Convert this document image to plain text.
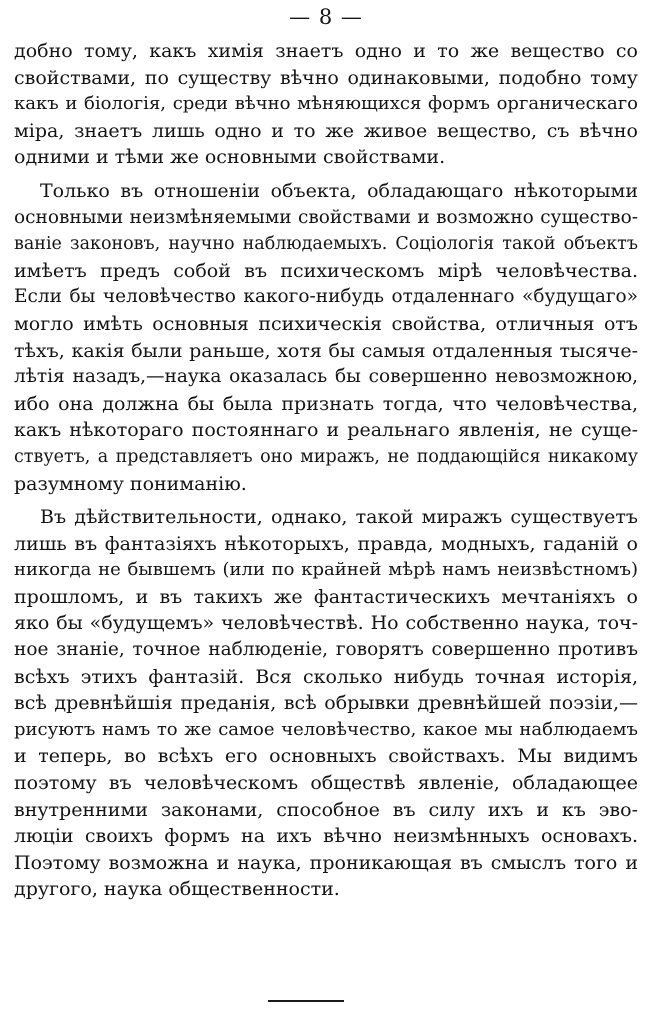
— 8 —
добно тому, какъ химія знаетъ одно и то же вещество со
свойствами, по существу вѣчно одинаковыми, подобно тому
какъ и біологія, среди вѣчно мѣняющихся формъ органическаго
міра, знаетъ лишь одно и то же живое вещество, съ вѣчно
одними и тѣми же основными свойствами.
Только въ отношеніи объекта, обладающаго нѣкоторыми
основными неизмѣняемыми свойствами и возможно существо-
ваніе законовъ, научно наблюдаемыхъ. Соціологія такой объектъ
имѣетъ предъ собой въ психическомъ мірѣ человѣчества.
Если бы человѣчество какого-нибудь отдаленнаго «будущаго»
могло имѣть основныя психическія свойства, отличныя отъ
тѣхъ, какія были раньше, хотя бы самыя отдаленныя тысяче-
лѣтія назадъ,—наука оказалась бы совершенно невозможною,
ибо она должна бы была признать тогда, что человѣчества,
какъ нѣкотораго постояннаго и реальнаго явленія, не суще-
ствуетъ, а представляетъ оно миражъ, не поддающійся никакому
разумному пониманію.
Въ дѣйствительности, однако, такой миражъ существуетъ
лишь въ фантазіяхъ нѣкоторыхъ, правда, модныхъ, гаданій о
никогда не бывшемъ (или по крайней мѣрѣ намъ неизвѣстномъ)
прошломъ, и въ такихъ же фантастическихъ мечтаніяхъ о
яко бы «будущемъ» человѣчествѣ. Но собственно наука, точ-
ное знаніе, точное наблюденіе, говорятъ совершенно противъ
всѣхъ этихъ фантазій. Вся сколько нибудь точная исторія,
всѣ древнѣйшія преданія, всѣ обрывки древнѣйшей поэзіи,—
рисуютъ намъ то же самое человѣчество, какое мы наблюдаемъ
и теперь, во всѣхъ его основныхъ свойствахъ. Мы видимъ
поэтому въ человѣческомъ обществѣ явленіе, обладающее
внутренними законами, способное въ силу ихъ и къ эво-
люціи своихъ формъ на ихъ вѣчно неизмѣнныхъ основахъ.
Поэтому возможна и наука, проникающая въ смыслъ того и
другого, наука общественности.
